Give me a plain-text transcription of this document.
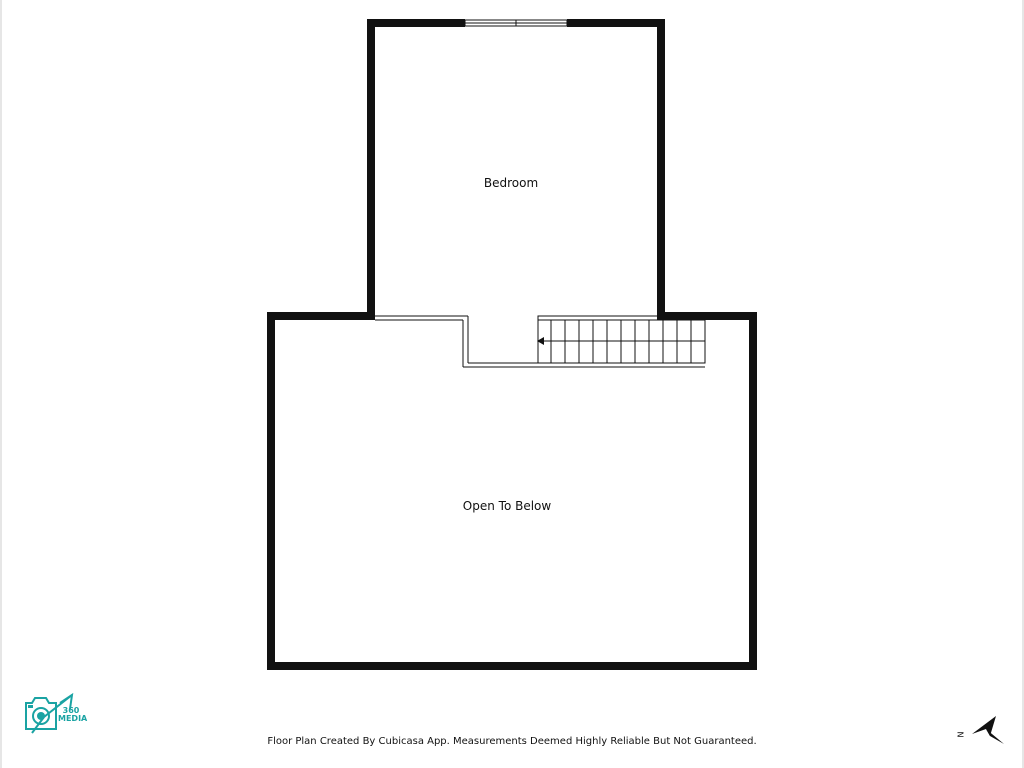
Bedroom
Open To Below
360 MEDIA
Floor Plan Created By Cubicasa App. Measurements Deemed Highly Reliable But Not Guaranteed.
N
